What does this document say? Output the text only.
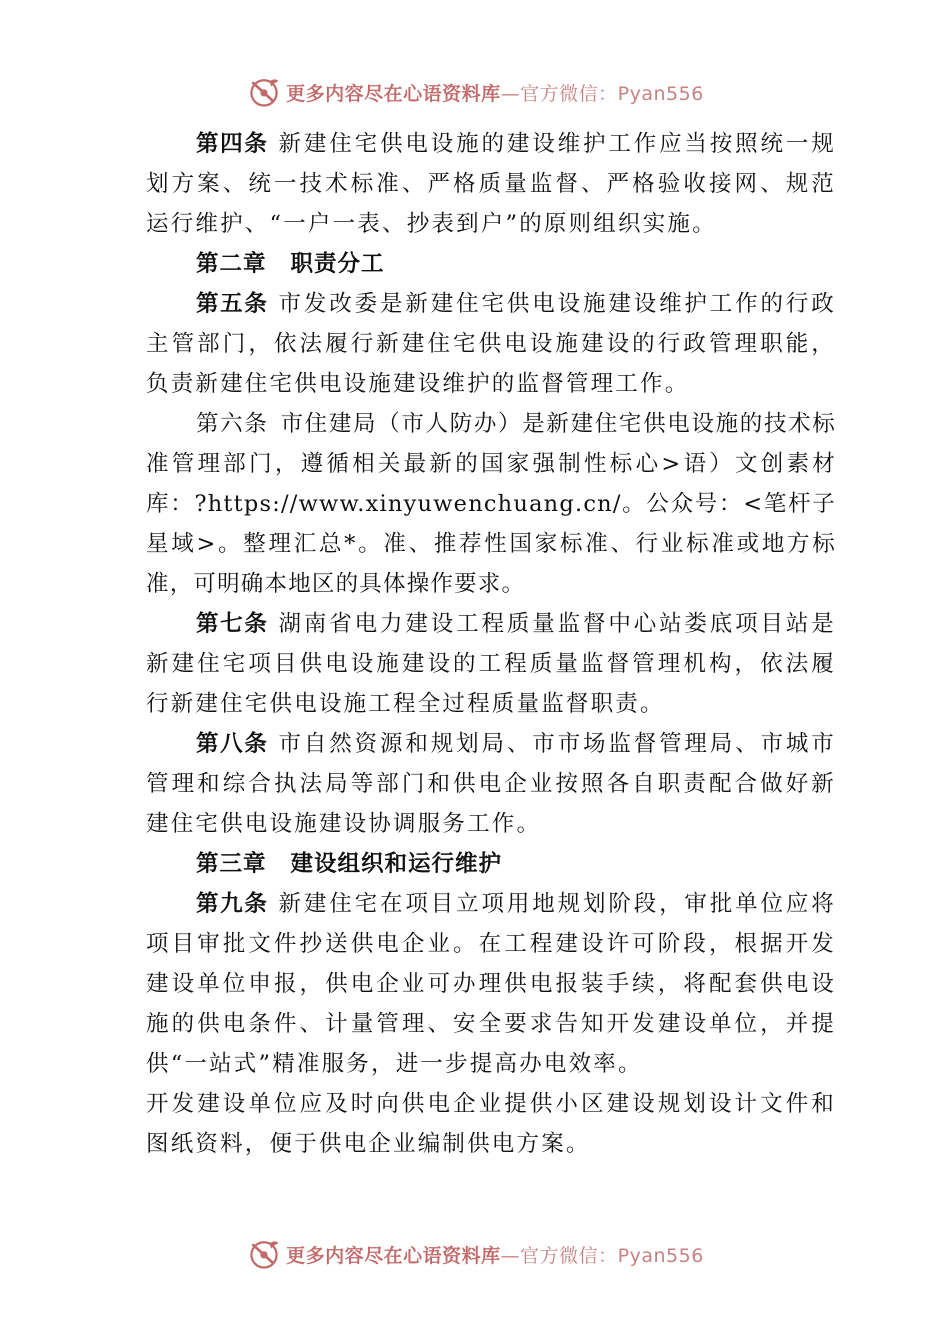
更多内容尽在心语资料库—官方微信：Pyan556

第四条 新建住宅供电设施的建设维护工作应当按照统一规划方案、统一技术标准、严格质量监督、严格验收接网、规范运行维护、“一户一表、抄表到户”的原则组织实施。

第二章 职责分工

第五条 市发改委是新建住宅供电设施建设维护工作的行政主管部门，依法履行新建住宅供电设施建设的行政管理职能，负责新建住宅供电设施建设维护的监督管理工作。

第六条 市住建局（市人防办）是新建住宅供电设施的技术标准管理部门，遵循相关最新的国家强制性标心>语）文创素材库：?https://www.xinyuwenchuang.cn/。公众号：<笔杆子星域>。整理汇总*。准、推荐性国家标准、行业标准或地方标准，可明确本地区的具体操作要求。

第七条 湖南省电力建设工程质量监督中心站娄底项目站是新建住宅项目供电设施建设的工程质量监督管理机构，依法履行新建住宅供电设施工程全过程质量监督职责。

第八条 市自然资源和规划局、市市场监督管理局、市城市管理和综合执法局等部门和供电企业按照各自职责配合做好新建住宅供电设施建设协调服务工作。

第三章 建设组织和运行维护

第九条 新建住宅在项目立项用地规划阶段，审批单位应将项目审批文件抄送供电企业。在工程建设许可阶段，根据开发建设单位申报，供电企业可办理供电报装手续，将配套供电设施的供电条件、计量管理、安全要求告知开发建设单位，并提供“一站式”精准服务，进一步提高办电效率。

开发建设单位应及时向供电企业提供小区建设规划设计文件和图纸资料，便于供电企业编制供电方案。

更多内容尽在心语资料库—官方微信：Pyan556
